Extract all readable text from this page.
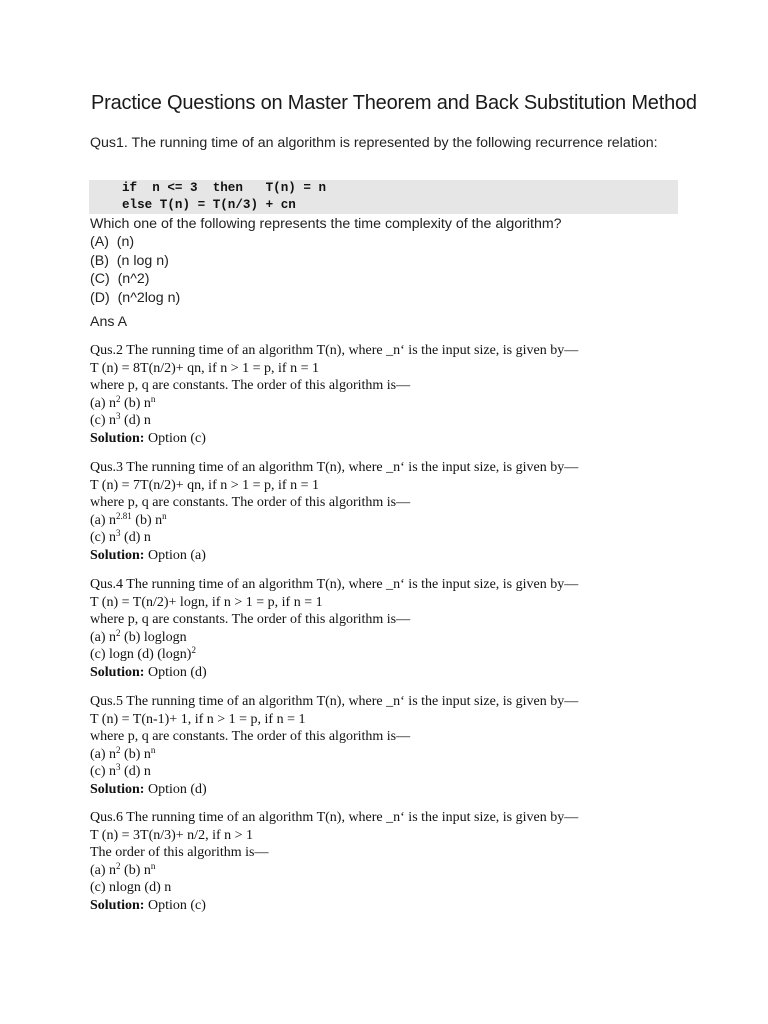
Practice Questions on Master Theorem and Back Substitution Method
Qus1. The running time of an algorithm is represented by the following recurrence relation:
if  n <= 3  then   T(n) = n
else T(n) = T(n/3) + cn
Which one of the following represents the time complexity of the algorithm?
(A)  (n)
(B)  (n log n)
(C)  (n^2)
(D)  (n^2log n)
Ans A
Qus.2 The running time of an algorithm T(n), where _n‘ is the input size, is given by—
T (n) = 8T(n/2)+ qn, if n > 1 = p, if n = 1
where p, q are constants. The order of this algorithm is—
(a) $n^2$ (b) $n^n$
(c) $n^3$ (d) n
Solution: Option (c)
Qus.3 The running time of an algorithm T(n), where _n‘ is the input size, is given by—
T (n) = 7T(n/2)+ qn, if n > 1 = p, if n = 1
where p, q are constants. The order of this algorithm is—
(a) $n^{2.81}$ (b) $n^n$
(c) $n^3$ (d) n
Solution: Option (a)
Qus.4 The running time of an algorithm T(n), where _n‘ is the input size, is given by—
T (n) = T(n/2)+ logn, if n > 1 = p, if n = 1
where p, q are constants. The order of this algorithm is—
(a) $n^2$ (b) loglogn
(c) logn (d) $(\log n)^2$
Solution: Option (d)
Qus.5 The running time of an algorithm T(n), where _n‘ is the input size, is given by—
T (n) = T(n-1)+ 1, if n > 1 = p, if n = 1
where p, q are constants. The order of this algorithm is—
(a) $n^2$ (b) $n^n$
(c) $n^3$ (d) n
Solution: Option (d)
Qus.6 The running time of an algorithm T(n), where _n‘ is the input size, is given by—
T (n) = 3T(n/3)+ n/2, if n > 1
The order of this algorithm is—
(a) $n^2$ (b) $n^n$
(c) nlogn (d) n
Solution: Option (c)
